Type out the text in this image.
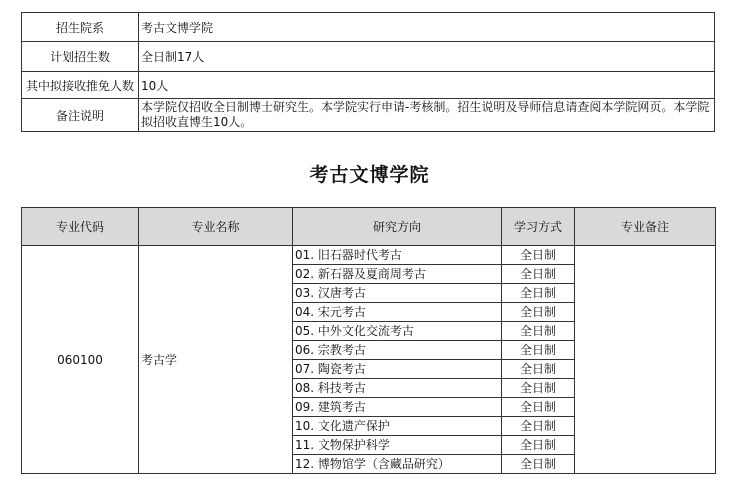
招生院系	考古文博学院
计划招生数	全日制17人
其中拟接收推免人数	10人
备注说明	本学院仅招收全日制博士研究生。本学院实行申请-考核制。招生说明及导师信息请查阅本学院网页。本学院拟招收直博生10人。
考古文博学院
专业代码	专业名称	研究方向	学习方式	专业备注
060100	考古学	01. 旧石器时代考古	全日制	
		02. 新石器及夏商周考古	全日制	
		03. 汉唐考古	全日制	
		04. 宋元考古	全日制	
		05. 中外文化交流考古	全日制	
		06. 宗教考古	全日制	
		07. 陶瓷考古	全日制	
		08. 科技考古	全日制	
		09. 建筑考古	全日制	
		10. 文化遗产保护	全日制	
		11. 文物保护科学	全日制	
		12. 博物馆学（含藏品研究）	全日制	
